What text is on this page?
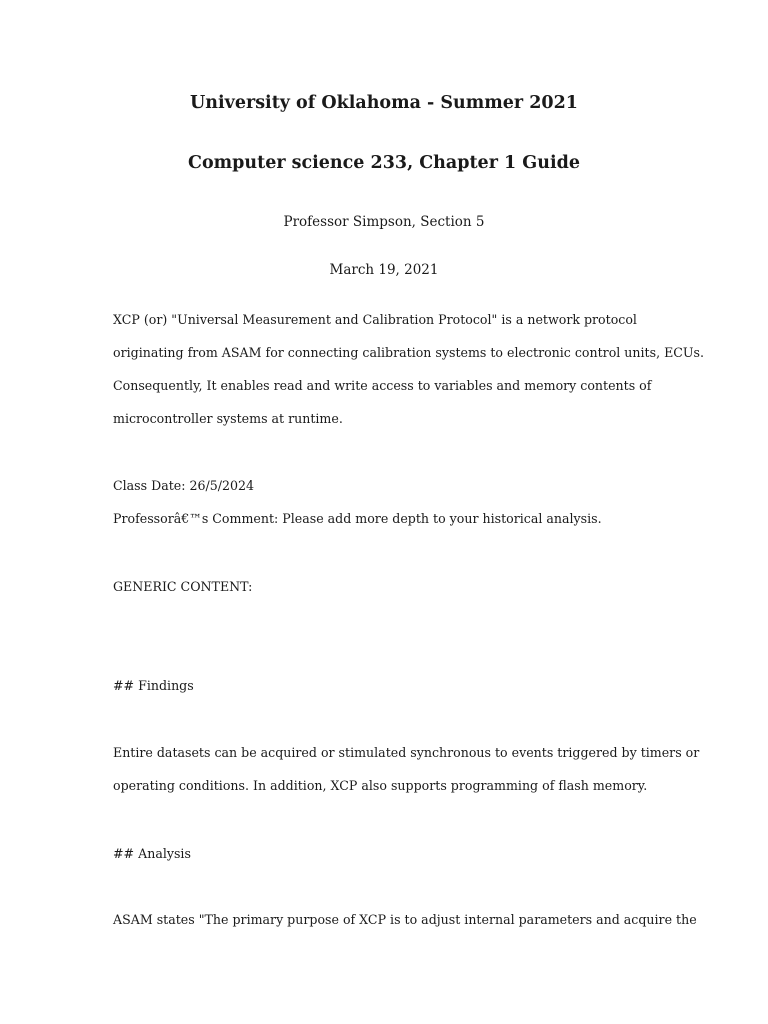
University of Oklahoma - Summer 2021
Computer science 233, Chapter 1 Guide

Professor Simpson, Section 5

March 19, 2021

XCP (or) "Universal Measurement and Calibration Protocol" is a network protocol

originating from ASAM for connecting calibration systems to electronic control units, ECUs.

Consequently, It enables read and write access to variables and memory contents of

microcontroller systems at runtime.

Class Date: 26/5/2024

Professorâ€™s Comment: Please add more depth to your historical analysis.

GENERIC CONTENT:

## Findings

Entire datasets can be acquired or stimulated synchronous to events triggered by timers or

operating conditions. In addition, XCP also supports programming of flash memory.

## Analysis

ASAM states "The primary purpose of XCP is to adjust internal parameters and acquire the
